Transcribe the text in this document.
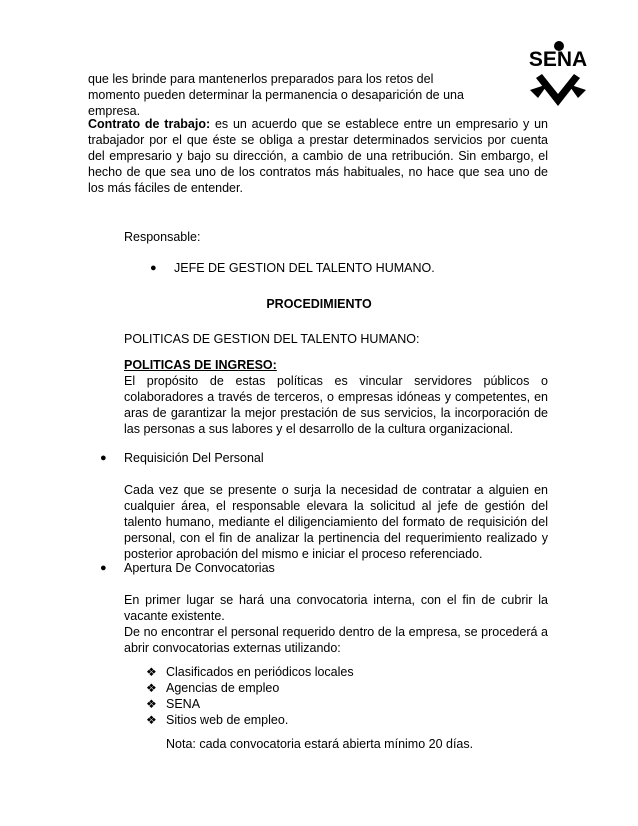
SENA

que les brinde para mantenerlos preparados para los retos del momento pueden determinar la permanencia o desaparición de una empresa.

Contrato de trabajo: es un acuerdo que se establece entre un empresario y un trabajador por el que éste se obliga a prestar determinados servicios por cuenta del empresario y bajo su dirección, a cambio de una retribución. Sin embargo, el hecho de que sea uno de los contratos más habituales, no hace que sea uno de los más fáciles de entender.

Responsable:
●	JEFE DE GESTION DEL TALENTO HUMANO.
PROCEDIMIENTO
POLITICAS DE GESTION DEL TALENTO HUMANO:
POLITICAS DE INGRESO:

El propósito de estas políticas es vincular servidores públicos o colaboradores a través de terceros, o empresas idóneas y competentes, en aras de garantizar la mejor prestación de sus servicios, la incorporación de las personas a sus labores y el desarrollo de la cultura organizacional.

●	Requisición Del Personal

Cada vez que se presente o surja la necesidad de contratar a alguien en cualquier área, el responsable elevara la solicitud al jefe de gestión del talento humano, mediante el diligenciamiento del formato de requisición del personal, con el fin de analizar la pertinencia del requerimiento realizado y posterior aprobación del mismo e iniciar el proceso referenciado.

●	Apertura De Convocatorias

En primer lugar se hará una convocatoria interna, con el fin de cubrir la vacante existente.

De no encontrar el personal requerido dentro de la empresa, se procederá a abrir convocatorias externas utilizando:

❖ Clasificados en periódicos locales
❖ Agencias de empleo
❖ SENA
❖ Sitios web de empleo.
Nota: cada convocatoria estará abierta mínimo 20 días.
